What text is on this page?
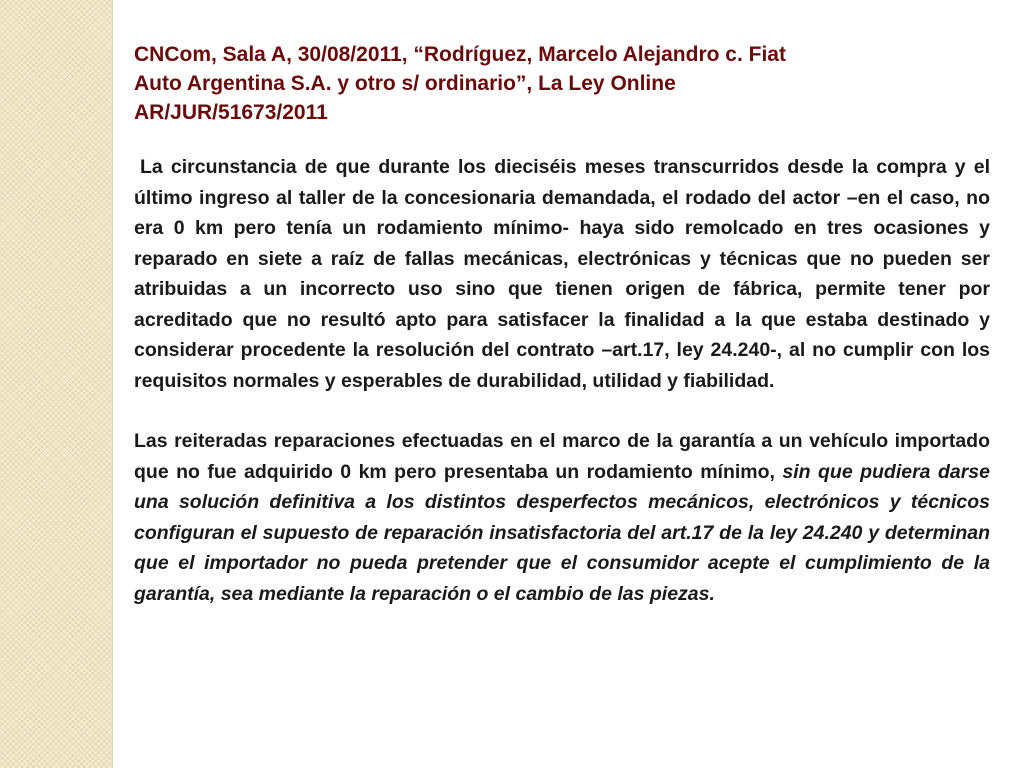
CNCom, Sala A, 30/08/2011, “Rodríguez, Marcelo Alejandro c. Fiat
Auto Argentina S.A. y otro s/ ordinario”, La Ley Online
AR/JUR/51673/2011

La circunstancia de que durante los dieciséis meses transcurridos desde la compra y el último ingreso al taller de la concesionaria demandada, el rodado del actor –en el caso, no era 0 km pero tenía un rodamiento mínimo- haya sido remolcado en tres ocasiones y reparado en siete a raíz de fallas mecánicas, electrónicas y técnicas que no pueden ser atribuidas a un incorrecto uso sino que tienen origen de fábrica, permite tener por acreditado que no resultó apto para satisfacer la finalidad a la que estaba destinado y considerar procedente la resolución del contrato –art.17, ley 24.240-, al no cumplir con los requisitos normales y esperables de durabilidad, utilidad y fiabilidad.

Las reiteradas reparaciones efectuadas en el marco de la garantía a un vehículo importado que no fue adquirido 0 km pero presentaba un rodamiento mínimo, sin que pudiera darse una solución definitiva a los distintos desperfectos mecánicos, electrónicos y técnicos configuran el supuesto de reparación insatisfactoria del art.17 de la ley 24.240 y determinan que el importador no pueda pretender que el consumidor acepte el cumplimiento de la garantía, sea mediante la reparación o el cambio de las piezas.
